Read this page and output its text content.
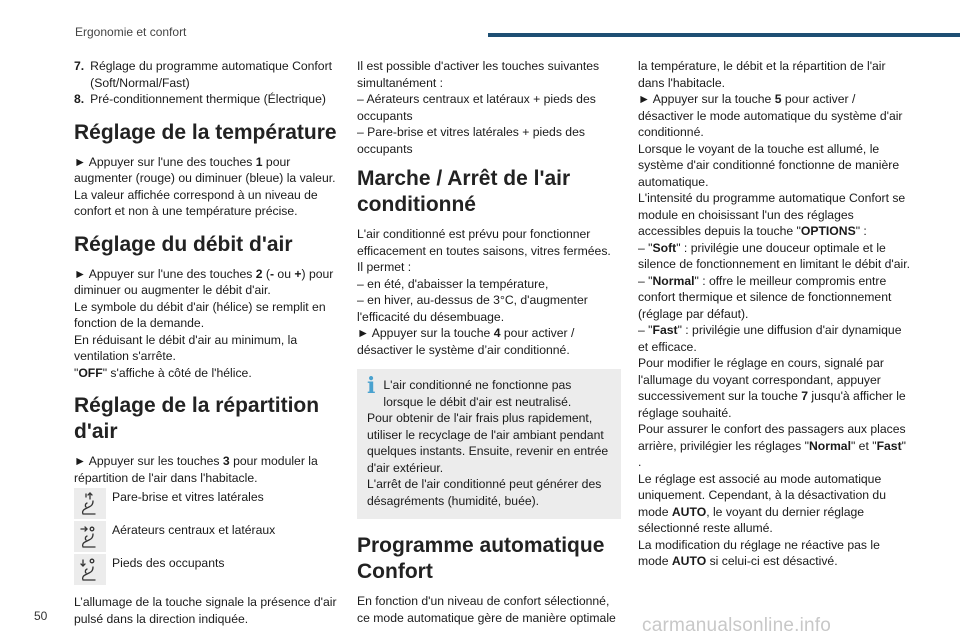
Ergonomie et confort
7. Réglage du programme automatique Confort (Soft/Normal/Fast)
8. Pré-conditionnement thermique (Électrique)
Réglage de la température

► Appuyer sur l'une des touches 1 pour augmenter (rouge) ou diminuer (bleue) la valeur.

La valeur affichée correspond à un niveau de confort et non à une température précise.

Réglage du débit d'air

► Appuyer sur l'une des touches 2 (- ou +) pour diminuer ou augmenter le débit d'air.

Le symbole du débit d'air (hélice) se remplit en fonction de la demande.

En réduisant le débit d'air au minimum, la ventilation s'arrête.

"OFF" s'affiche à côté de l'hélice.

Réglage de la répartition d'air

► Appuyer sur les touches 3 pour moduler la répartition de l'air dans l'habitacle.

Pare-brise et vitres latérales
Aérateurs centraux et latéraux
Pieds des occupants

L’allumage de la touche signale la présence d'air pulsé dans la direction indiquée.

Il est possible d'activer les touches suivantes simultanément :

– Aérateurs centraux et latéraux + pieds des occupants

– Pare-brise et vitres latérales + pieds des occupants

Marche / Arrêt de l'air conditionné

L'air conditionné est prévu pour fonctionner efficacement en toutes saisons, vitres fermées.

Il permet :

– en été, d'abaisser la température,

– en hiver, au-dessus de 3°C, d'augmenter l'efficacité du désembuage.

► Appuyer sur la touche 4 pour activer / désactiver le système d’air conditionné.

i L'air conditionné ne fonctionne pas lorsque le débit d'air est neutralisé.

Pour obtenir de l'air frais plus rapidement, utiliser le recyclage de l'air ambiant pendant quelques instants. Ensuite, revenir en entrée d'air extérieur.

L'arrêt de l'air conditionné peut générer des désagréments (humidité, buée).

Programme automatique Confort

En fonction d'un niveau de confort sélectionné, ce mode automatique gère de manière optimale

la température, le débit et la répartition de l'air dans l'habitacle.

► Appuyer sur la touche 5 pour activer / désactiver le mode automatique du système d'air conditionné.

Lorsque le voyant de la touche est allumé, le système d'air conditionné fonctionne de manière automatique.

L'intensité du programme automatique Confort se module en choisissant l'un des réglages accessibles depuis la touche "OPTIONS" :

– "Soft" : privilégie une douceur optimale et le silence de fonctionnement en limitant le débit d'air.

– "Normal" : offre le meilleur compromis entre confort thermique et silence de fonctionnement (réglage par défaut).

– "Fast" : privilégie une diffusion d'air dynamique et efficace.

Pour modifier le réglage en cours, signalé par l'allumage du voyant correspondant, appuyer successivement sur la touche 7 jusqu'à afficher le réglage souhaité.

Pour assurer le confort des passagers aux places arrière, privilégier les réglages "Normal" et "Fast" .

Le réglage est associé au mode automatique uniquement. Cependant, à la désactivation du mode AUTO, le voyant du dernier réglage sélectionné reste allumé.

La modification du réglage ne réactive pas le mode AUTO si celui-ci est désactivé.

50	carmanualsonline.info
